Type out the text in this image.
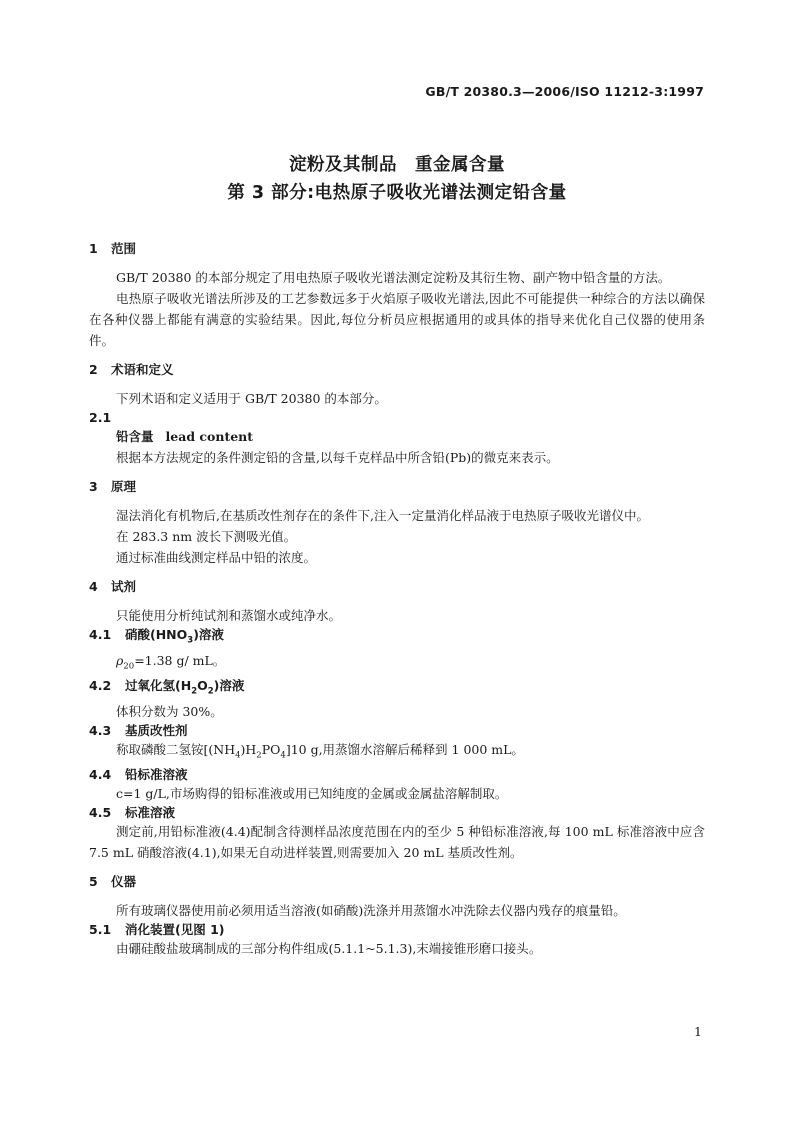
GB/T 20380.3—2006/ISO 11212-3:1997
淀粉及其制品　重金属含量
第 3 部分:电热原子吸收光谱法测定铅含量
1 范围

GB/T 20380 的本部分规定了用电热原子吸收光谱法测定淀粉及其衍生物、副产物中铅含量的方法。

电热原子吸收光谱法所涉及的工艺参数远多于火焰原子吸收光谱法,因此不可能提供一种综合的方法以确保在各种仪器上都能有满意的实验结果。因此,每位分析员应根据通用的或具体的指导来优化自己仪器的使用条件。

2 术语和定义

下列术语和定义适用于 GB/T 20380 的本部分。

2.1
铅含量 lead content

根据本方法规定的条件测定铅的含量,以每千克样品中所含铅(Pb)的微克来表示。

3 原理

湿法消化有机物后,在基质改性剂存在的条件下,注入一定量消化样品液于电热原子吸收光谱仪中。

在 283.3 nm 波长下测吸光值。

通过标准曲线测定样品中铅的浓度。

4 试剂

只能使用分析纯试剂和蒸馏水或纯净水。

4.1 硝酸$(HNO_3)$溶液

$\rho_{20}=1.38$ g/ mL。

4.2 过氧化氢$(H_2O_2)$溶液

体积分数为 30%。

4.3 基质改性剂

称取磷酸二氢铵$[(NH_4)H_2PO_4]10$ g,用蒸馏水溶解后稀释到 1 000 mL。

4.4 铅标准溶液

c=1 g/L,市场购得的铅标准液或用已知纯度的金属或金属盐溶解制取。

4.5 标准溶液

测定前,用铅标准液(4.4)配制含待测样品浓度范围在内的至少 5 种铅标准溶液,每 100 mL 标准溶液中应含 7.5 mL 硝酸溶液(4.1),如果无自动进样装置,则需要加入 20 mL 基质改性剂。

5 仪器

所有玻璃仪器使用前必须用适当溶液(如硝酸)洗涤并用蒸馏水冲洗除去仪器内残存的痕量铅。

5.1 消化装置(见图 1)

由硼硅酸盐玻璃制成的三部分构件组成(5.1.1~5.1.3),末端接锥形磨口接头。

1
